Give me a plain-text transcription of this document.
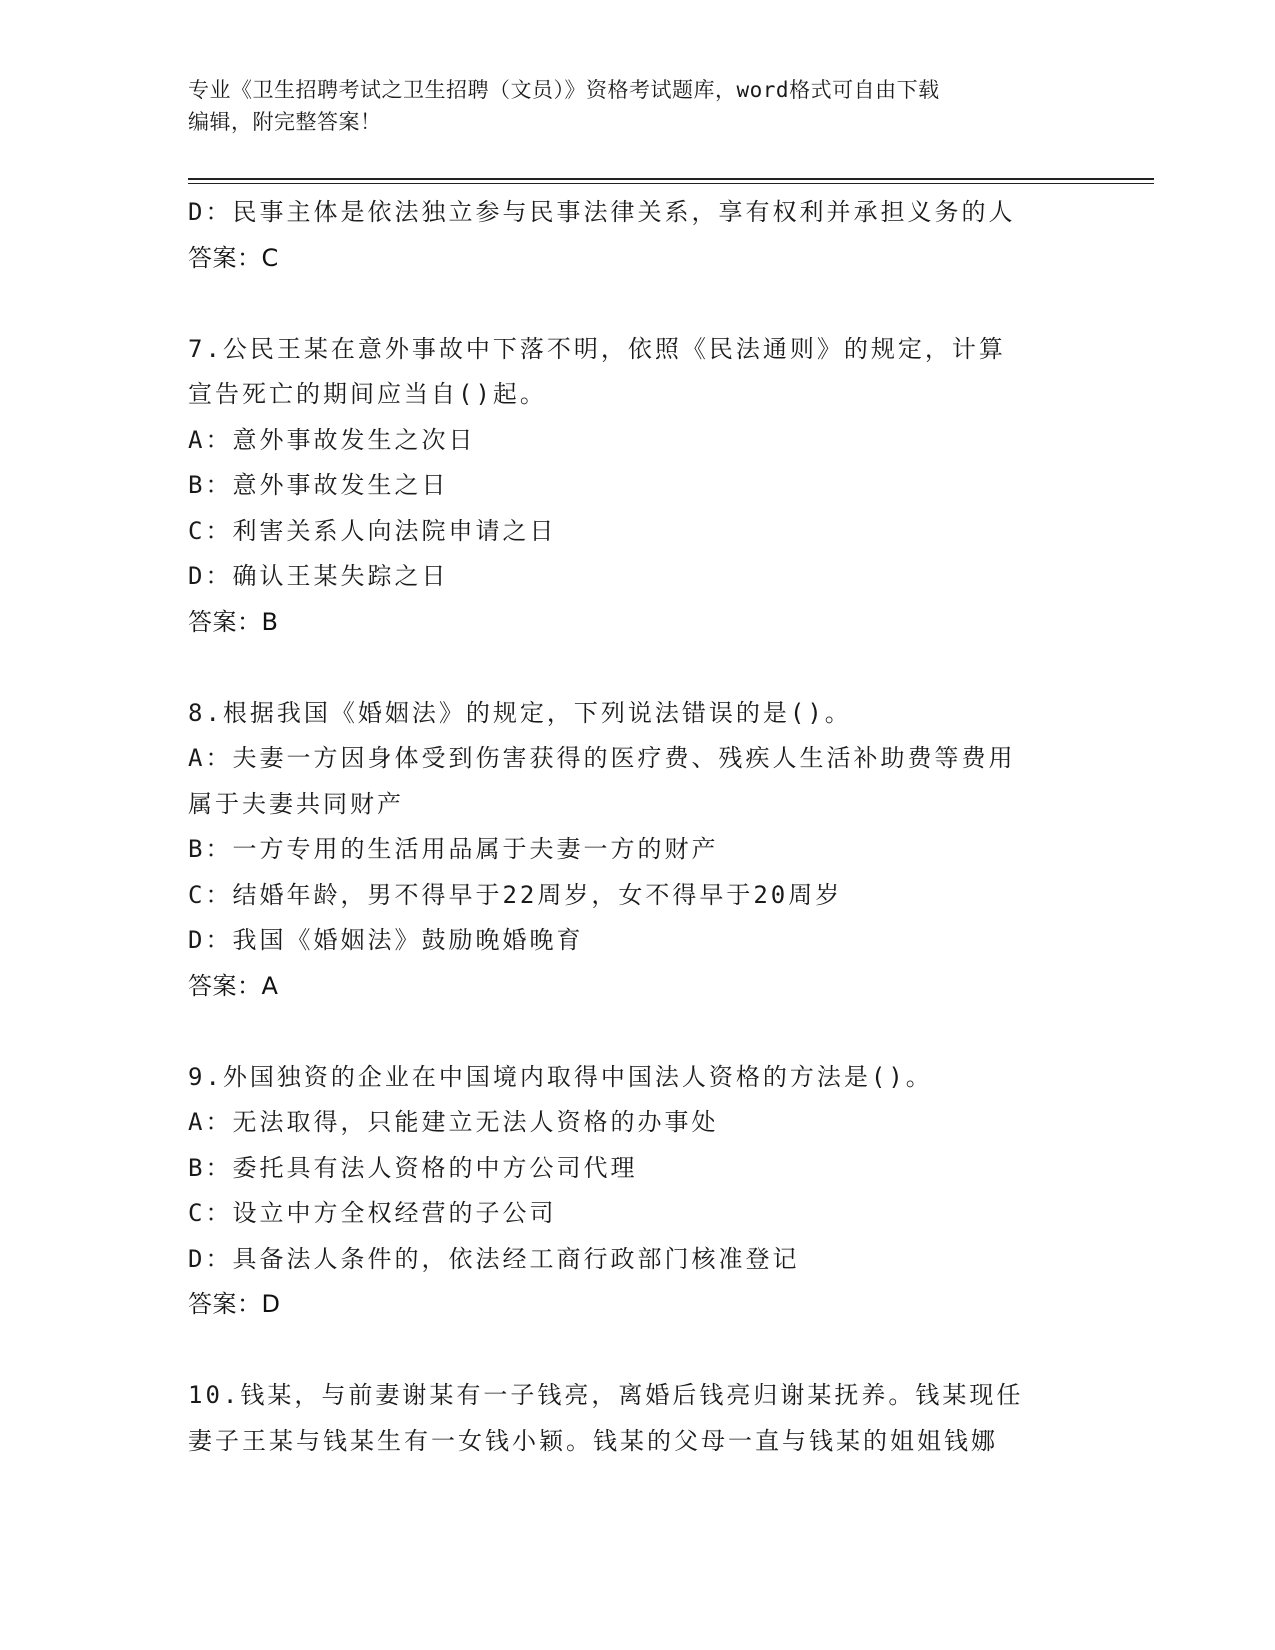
专业《卫生招聘考试之卫生招聘（文员）》资格考试题库，word格式可自由下载
编辑，附完整答案！
D：民事主体是依法独立参与民事法律关系，享有权利并承担义务的人
答案：C
7.公民王某在意外事故中下落不明，依照《民法通则》的规定，计算
宣告死亡的期间应当自()起。
A：意外事故发生之次日
B：意外事故发生之日
C：利害关系人向法院申请之日
D：确认王某失踪之日
答案：B
8.根据我国《婚姻法》的规定，下列说法错误的是()。
A：夫妻一方因身体受到伤害获得的医疗费、残疾人生活补助费等费用
属于夫妻共同财产
B：一方专用的生活用品属于夫妻一方的财产
C：结婚年龄，男不得早于22周岁，女不得早于20周岁
D：我国《婚姻法》鼓励晚婚晚育
答案：A
9.外国独资的企业在中国境内取得中国法人资格的方法是()。
A：无法取得，只能建立无法人资格的办事处
B：委托具有法人资格的中方公司代理
C：设立中方全权经营的子公司
D：具备法人条件的，依法经工商行政部门核准登记
答案：D
10.钱某，与前妻谢某有一子钱亮，离婚后钱亮归谢某抚养。钱某现任
妻子王某与钱某生有一女钱小颖。钱某的父母一直与钱某的姐姐钱娜
